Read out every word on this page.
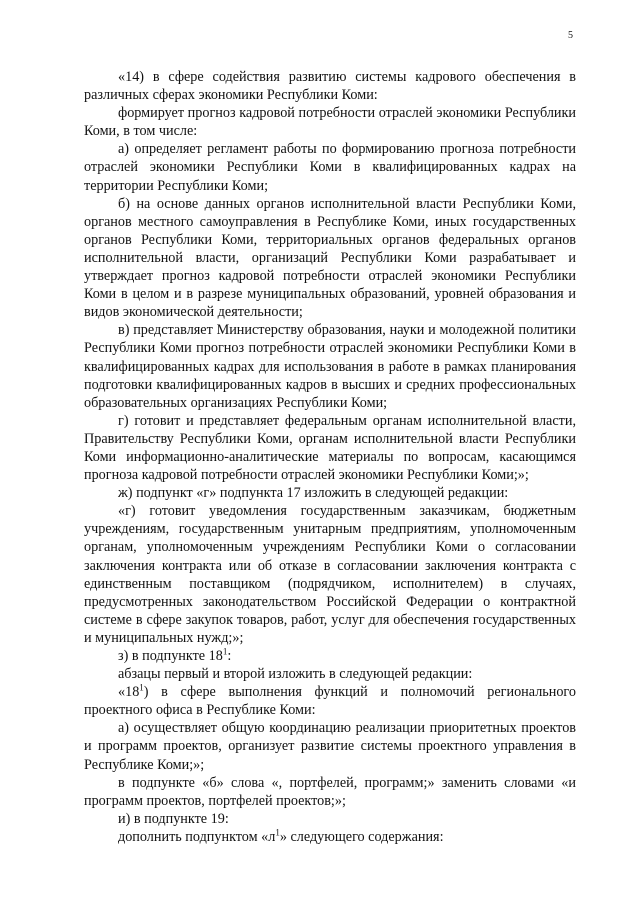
5

«14) в сфере содействия развитию системы кадрового обеспечения в различных сферах экономики Республики Коми:

формирует прогноз кадровой потребности отраслей экономики Республики Коми, в том числе:

а) определяет регламент работы по формированию прогноза потребности отраслей экономики Республики Коми в квалифицированных кадрах на территории Республики Коми;

б) на основе данных органов исполнительной власти Республики Коми, органов местного самоуправления в Республике Коми, иных государственных органов Республики Коми, территориальных органов федеральных органов исполнительной власти, организаций Республики Коми разрабатывает и утверждает прогноз кадровой потребности отраслей экономики Республики Коми в целом и в разрезе муниципальных образований, уровней образования и видов экономической деятельности;

в) представляет Министерству образования, науки и молодежной политики Республики Коми прогноз потребности отраслей экономики Республики Коми в квалифицированных кадрах для использования в работе в рамках планирования подготовки квалифицированных кадров в высших и средних профессиональных образовательных организациях Республики Коми;

г) готовит и представляет федеральным органам исполнительной власти, Правительству Республики Коми, органам исполнительной власти Республики Коми информационно-аналитические материалы по вопросам, касающимся прогноза кадровой потребности отраслей экономики Республики Коми;»;

ж) подпункт «г» подпункта 17 изложить в следующей редакции:

«г) готовит уведомления государственным заказчикам, бюджетным учреждениям, государственным унитарным предприятиям, уполномоченным органам, уполномоченным учреждениям Республики Коми о согласовании заключения контракта или об отказе в согласовании заключения контракта с единственным поставщиком (подрядчиком, исполнителем) в случаях, предусмотренных законодательством Российской Федерации о контрактной системе в сфере закупок товаров, работ, услуг для обеспечения государственных и муниципальных нужд;»;

з) в подпункте $18^1$:

абзацы первый и второй изложить в следующей редакции:

«$18^1$) в сфере выполнения функций и полномочий регионального проектного офиса в Республике Коми:

а) осуществляет общую координацию реализации приоритетных проектов и программ проектов, организует развитие системы проектного управления в Республике Коми;»;

в подпункте «б» слова «, портфелей, программ;» заменить словами «и программ проектов, портфелей проектов;»;

и) в подпункте 19:

дополнить подпунктом «$л^1$» следующего содержания:
